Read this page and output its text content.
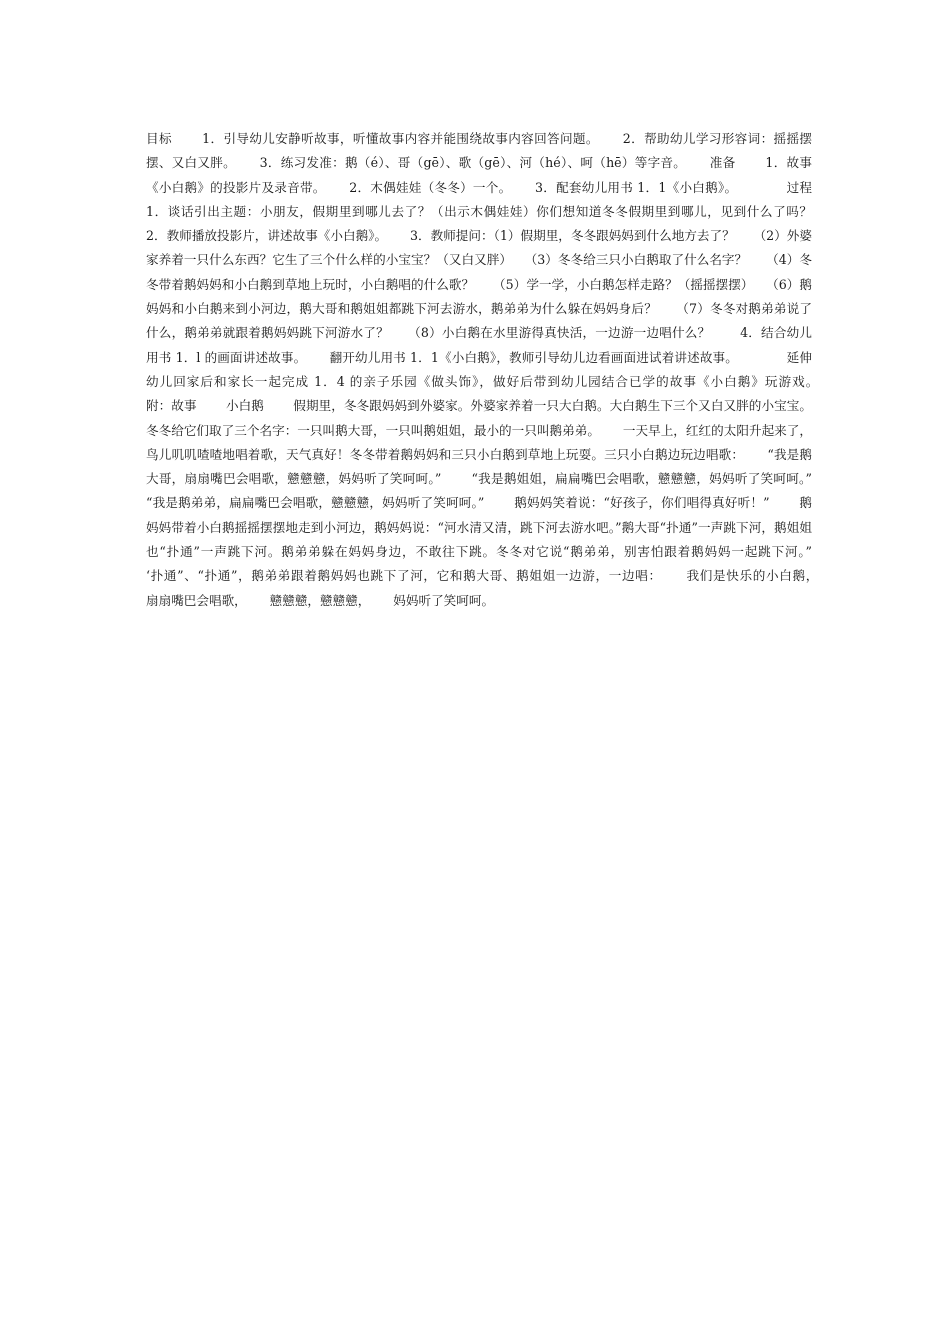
目标　　 1．引导幼儿安静听故事，听懂故事内容并能围绕故事内容回答问题。　　 2．帮助幼儿学习形容词：摇摇摆摆、又白又胖。　　 3．练习发准：鹅（é）、哥（gē）、歌（gē）、河（hé）、呵（hē）等字音。　　 准备　　 1．故事《小白鹅》的投影片及录音带。　　 2．木偶娃娃（冬冬）一个。　　 3．配套幼儿用书 1．1《小白鹅》。　　　　 过程　　 1．谈话引出主题：小朋友，假期里到哪儿去了？（出示木偶娃娃）你们想知道冬冬假期里到哪儿，见到什么了吗？　　 2．教师播放投影片，讲述故事《小白鹅》。　　 3．教师提问：（1）假期里，冬冬跟妈妈到什么地方去了？　　（2）外婆家养着一只什么东西？它生了三个什么样的小宝宝？（又白又胖）　　（3）冬冬给三只小白鹅取了什么名字？　　（4）冬冬带着鹅妈妈和小白鹅到草地上玩时，小白鹅唱的什么歌？　　（5）学一学，小白鹅怎样走路？（摇摇摆摆）　　（6）鹅妈妈和小白鹅来到小河边，鹅大哥和鹅姐姐都跳下河去游水，鹅弟弟为什么躲在妈妈身后？　　（7）冬冬对鹅弟弟说了什么，鹅弟弟就跟着鹅妈妈跳下河游水了？　　（8）小白鹅在水里游得真快活，一边游一边唱什么？　　 4．结合幼儿用书 1．l 的画面讲述故事。　　 翻开幼儿用书 1．1《小白鹅》，教师引导幼儿边看画面进试着讲述故事。　　　　 延伸　　 幼儿回家后和家长一起完成 1．4 的亲子乐园《做头饰》，做好后带到幼儿园结合已学的故事《小白鹅》玩游戏。　　　 附：故事　　 小白鹅　　 假期里，冬冬跟妈妈到外婆家。外婆家养着一只大白鹅。大白鹅生下三个又白又胖的小宝宝。冬冬给它们取了三个名字：一只叫鹅大哥，一只叫鹅姐姐，最小的一只叫鹅弟弟。　　 一天早上，红红的太阳升起来了，鸟儿叽叽喳喳地唱着歌，天气真好！冬冬带着鹅妈妈和三只小白鹅到草地上玩耍。三只小白鹅边玩边唱歌：　　 “我是鹅大哥，扇扇嘴巴会唱歌，戆戆戆，妈妈听了笑呵呵。”　　 “我是鹅姐姐，扁扁嘴巴会唱歌，戆戆戆，妈妈听了笑呵呵。”　　 “我是鹅弟弟，扁扁嘴巴会唱歌，戆戆戆，妈妈听了笑呵呵。”　　 鹅妈妈笑着说：“好孩子，你们唱得真好听！”　　 鹅妈妈带着小白鹅摇摇摆摆地走到小河边，鹅妈妈说：“河水清又清，跳下河去游水吧。”鹅大哥“扑通”一声跳下河，鹅姐姐也“扑通”一声跳下河。鹅弟弟躲在妈妈身边，不敢往下跳。冬冬对它说“鹅弟弟，别害怕跟着鹅妈妈一起跳下河。”　　 ‘扑通”、“扑通”，鹅弟弟跟着鹅妈妈也跳下了河，它和鹅大哥、鹅姐姐一边游，一边唱：　　 我们是快乐的小白鹅，　　 扇扇嘴巴会唱歌，　　 戆戆戆，戆戆戆，　　 妈妈听了笑呵呵。
